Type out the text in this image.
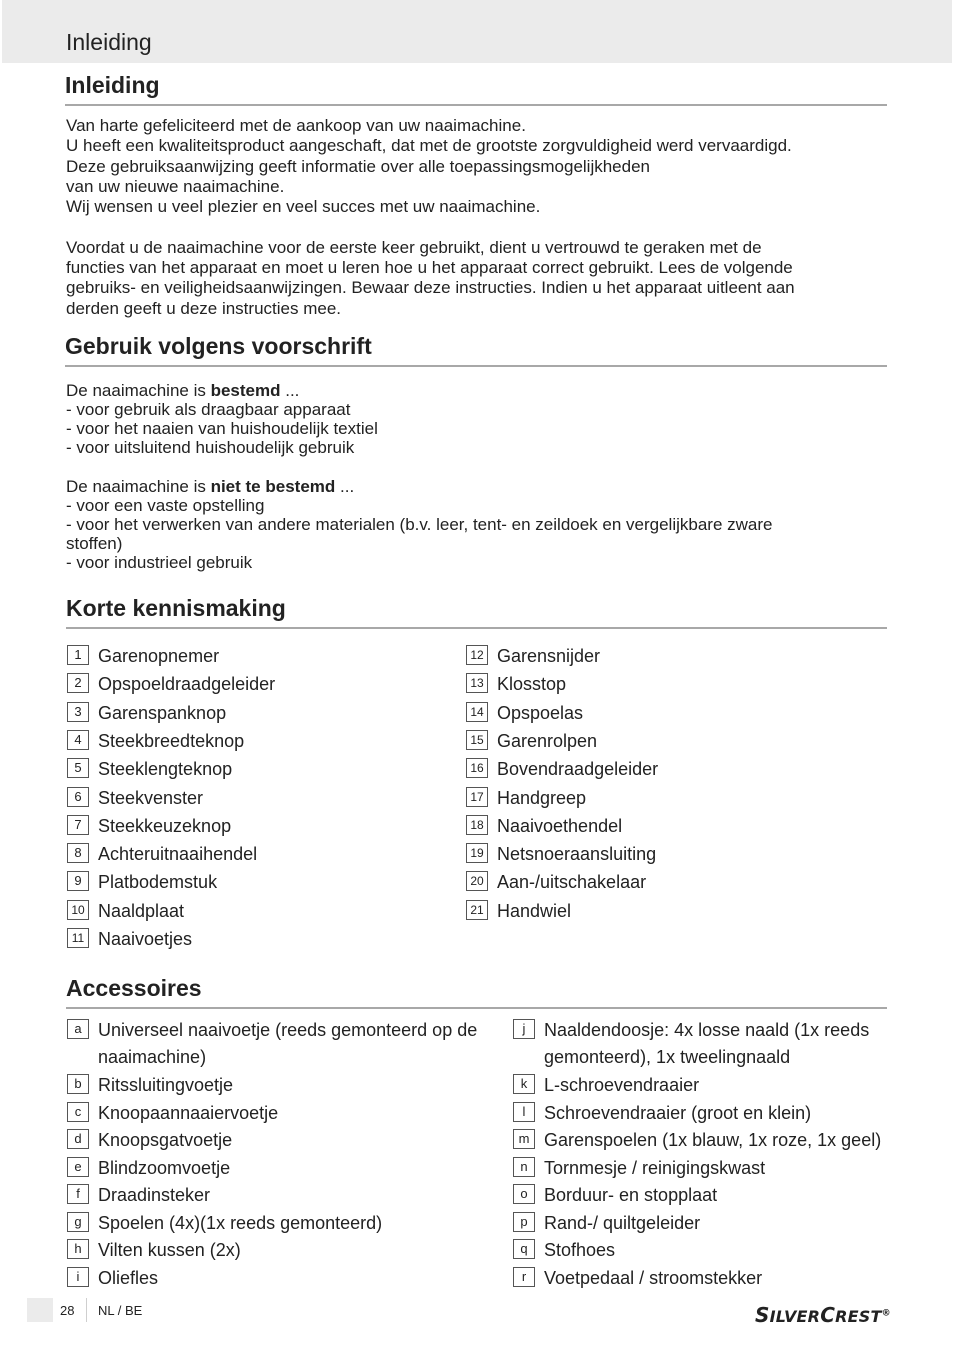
Inleiding
Inleiding
Van harte gefeliciteerd met de aankoop van uw naaimachine.
U heeft een kwaliteitsproduct aangeschaft, dat met de grootste zorgvuldigheid werd vervaardigd.
Deze gebruiksaanwijzing geeft informatie over alle toepassingsmogelijkheden
van uw nieuwe naaimachine.
Wij wensen u veel plezier en veel succes met uw naaimachine.
Voordat u de naaimachine voor de eerste keer gebruikt, dient u vertrouwd te geraken met de
functies van het apparaat en moet u leren hoe u het apparaat correct gebruikt. Lees de volgende
gebruiks- en veiligheidsaanwijzingen. Bewaar deze instructies. Indien u het apparaat uitleent aan
derden geeft u deze instructies mee.
Gebruik volgens voorschrift
De naaimachine is bestemd ...
- voor gebruik als draagbaar apparaat
- voor het naaien van huishoudelijk textiel
- voor uitsluitend huishoudelijk gebruik
De naaimachine is niet te bestemd ...
- voor een vaste opstelling
- voor het verwerken van andere materialen (b.v. leer, tent- en zeildoek en vergelijkbare zware
stoffen)
- voor industrieel gebruik
Korte kennismaking
1 Garenopnemer
2 Opspoeldraadgeleider
3 Garenspanknop
4 Steekbreedteknop
5 Steeklengteknop
6 Steekvenster
7 Steekkeuzeknop
8 Achteruitnaaihendel
9 Platbodemstuk
10 Naaldplaat
11 Naaivoetjes
12 Garensnijder
13 Klosstop
14 Opspoelas
15 Garenrolpen
16 Bovendraadgeleider
17 Handgreep
18 Naaivoethendel
19 Netsnoeraansluiting
20 Aan-/uitschakelaar
21 Handwiel
Accessoires
a Universeel naaivoetje (reeds gemonteerd op de naaimachine)
b Ritssluitingvoetje
c Knoopaannaaiervoetje
d Knoopsgatvoetje
e Blindzoomvoetje
f	Draadinsteker
g Spoelen (4x)(1x reeds gemonteerd)
h Vilten kussen (2x)
i	Oliefles
j	Naaldendoosje: 4x losse naald (1x reeds gemonteerd), 1x tweelingnaald
k L-schroevendraaier
l	Schroevendraaier (groot en klein)
m Garenspoelen (1x blauw, 1x roze, 1x geel)
n Tornmesje / reinigingskwast
o Borduur- en stopplaat
p Rand-/ quiltgeleider
q Stofhoes
r Voetpedaal / stroomstekker
28 NL / BE	SILVERCREST®
